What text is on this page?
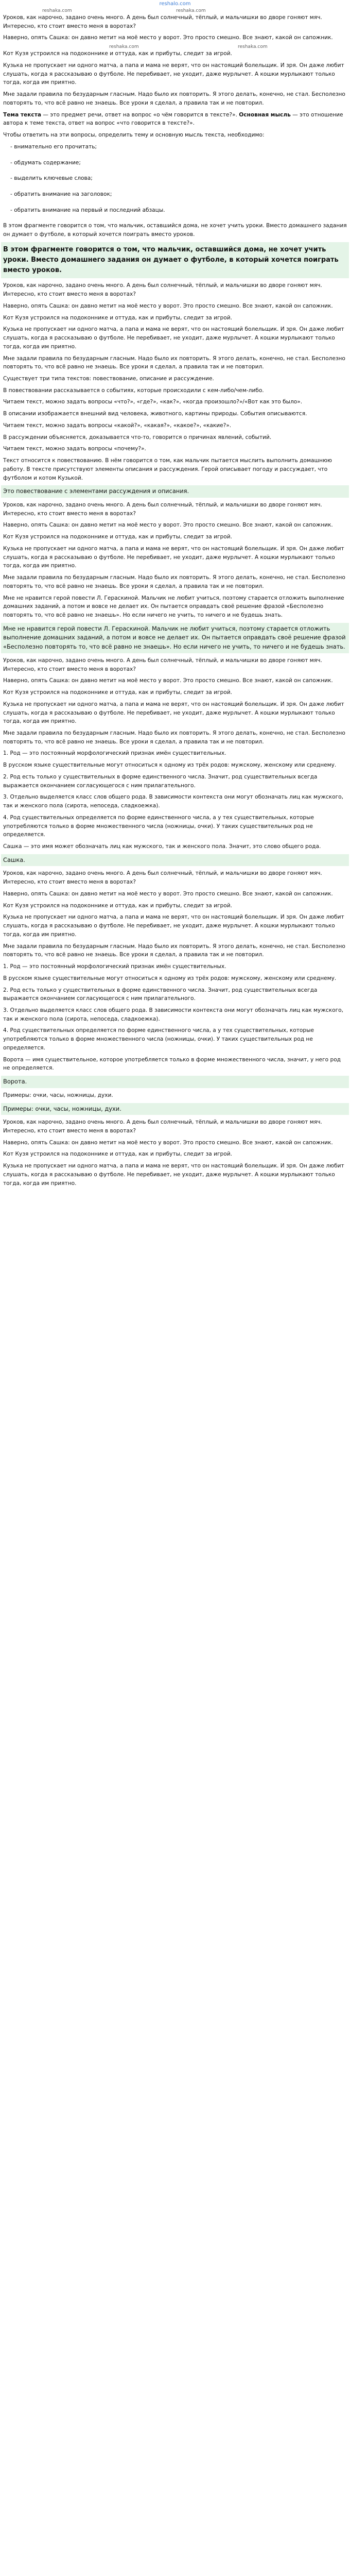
reshalo.com
reshaka.com	reshaka.com

Урокoв, как нарочно, задано очень много. А день был солнечный, тёплый, и мальчишки во дворе гоняют мяч. Интересно, кто стоит вместо меня в воротах?

Наверно, опять Сашка: он давно метит на моё место у ворот. Это просто смешно. Все знают, какой он сапожник.

reshaka.com	reshaka.com

Кот Кузя устроился на подоконнике и оттуда, как и прибуты, следит за игрой.

Кузька не пропускает ни одного матча, а папа и мама не верят, что он настоящий болельщик. И зря. Он даже любит слушать, когда я рассказываю о футболе. Не перебивает, не уходит, даже мурлычет. А кошки мурлыкают только тогда, когда им приятно.

Мне задали правила по безударным гласным. Надо было их повторить. Я этого делать, конечно, не стал. Бесполезно повторять то, что всё равно не знаешь. Все уроки я сделал, а правила так и не повторил.

Тема текста — это предмет речи, ответ на вопрос «о чём говорится в тексте?». Основная мысль — это отношение автора к теме текста, ответ на вопрос «что говорится в тексте?».

Чтобы ответить на эти вопросы, определить тему и основную мысль текста, необходимо:

- внимательно его прочитать;
- обдумать содержание;
- выделить ключевые слова;
- обратить внимание на заголовок;
- обратить внимание на первый и последний абзацы.

В этом фрагменте говорится о том, что мальчик, оставшийся дома, не хочет учить уроки. Вместо домашнего задания он думает о футболе, в который хочется поиграть вместо уроков.

В этом фрагменте говорится о том, что мальчик, оставшийся дома, не хочет учить уроки. Вместо домашнего задания он думает о футболе, в который хочется поиграть вместо уроков.

Урокoв, как нарочно, задано очень много. А день был солнечный, тёплый, и мальчишки во дворе гоняют мяч. Интересно, кто стоит вместо меня в воротах?

Наверно, опять Сашка: он давно метит на моё место у ворот. Это просто смешно. Все знают, какой он сапожник.

Кот Кузя устроился на подоконнике и оттуда, как и прибуты, следит за игрой.

Кузька не пропускает ни одного матча, а папа и мама не верят, что он настоящий болельщик. И зря. Он даже любит слушать, когда я рассказываю о футболе. Не перебивает, не уходит, даже мурлычет. А кошки мурлыкают только тогда, когда им приятно.

Мне задали правила по безударным гласным. Надо было их повторить. Я этого делать, конечно, не стал. Бесполезно повторять то, что всё равно не знаешь. Все уроки я сделал, а правила так и не повторил.

Существует три типа текстов: повествование, описание и рассуждение.

В повествовании рассказывается о событиях, которые происходили с кем-либо/чем-либо.

Читаем текст, можно задать вопросы «что?», «где?», «как?», «когда произошло?»/«Вот как это было».

В описании изображается внешний вид человека, животного, картины природы. События описываются.

Читаем текст, можно задать вопросы «какой?», «какая?», «какое?», «какие?».

В рассуждении объясняется, доказывается что-то, говорится о причинах явлений, событий.

Читаем текст, можно задать вопросы «почему?».

Текст относится к повествованию. В нём говорится о том, как мальчик пытается мыслить выполнить домашнюю работу. В тексте присутствуют элементы описания и рассуждения. Герой описывает погоду и рассуждает, что футболом и котом Кузькой.

Это повествование с элементами рассуждения и описания.

Урокoв, как нарочно, задано очень много. А день был солнечный, тёплый, и мальчишки во дворе гоняют мяч. Интересно, кто стоит вместо меня в воротах?

Наверно, опять Сашка: он давно метит на моё место у ворот. Это просто смешно. Все знают, какой он сапожник.

Кот Кузя устроился на подоконнике и оттуда, как и прибуты, следит за игрой.

Кузька не пропускает ни одного матча, а папа и мама не верят, что он настоящий болельщик. И зря. Он даже любит слушать, когда я рассказываю о футболе. Не перебивает, не уходит, даже мурлычет. А кошки мурлыкают только тогда, когда им приятно.

Мне задали правила по безударным гласным. Надо было их повторить. Я этого делать, конечно, не стал. Бесполезно повторять то, что всё равно не знаешь. Все уроки я сделал, а правила так и не повторил.

Мне не нравится герой повести Л. Гераскиной. Мальчик не любит учиться, поэтому старается отложить выполнение домашних заданий, а потом и вовсе не делает их. Он пытается оправдать своё решение фразой «Бесполезно повторять то, что всё равно не знаешь». Но если ничего не учить, то ничего и не будешь знать.

Мне не нравится герой повести Л. Гераскиной. Мальчик не любит учиться, поэтому старается отложить выполнение домашних заданий, а потом и вовсе не делает их. Он пытается оправдать своё решение фразой «Бесполезно повторять то, что всё равно не знаешь». Но если ничего не учить, то ничего и не будешь знать.

Урокoв, как нарочно, задано очень много. А день был солнечный, тёплый, и мальчишки во дворе гоняют мяч. Интересно, кто стоит вместо меня в воротах?

Наверно, опять Сашка: он давно метит на моё место у ворот. Это просто смешно. Все знают, какой он сапожник.

Кот Кузя устроился на подоконнике и оттуда, как и прибуты, следит за игрой.

Кузька не пропускает ни одного матча, а папа и мама не верят, что он настоящий болельщик. И зря. Он даже любит слушать, когда я рассказываю о футболе. Не перебивает, не уходит, даже мурлычет. А кошки мурлыкают только тогда, когда им приятно.

Мне задали правила по безударным гласным. Надо было их повторить. Я этого делать, конечно, не стал. Бесполезно повторять то, что всё равно не знаешь. Все уроки я сделал, а правила так и не повторил.

1. Род — это постоянный морфологический признак имён существительных.

В русском языке существительные могут относиться к одному из трёх родов: мужскому, женскому или среднему.

2. Род есть только у существительных в форме единственного числа. Значит, род существительных всегда выражается окончанием согласующегося с ним прилагательного.

3. Отдельно выделяется класс слов общего рода. В зависимости контекста они могут обозначать лиц как мужского, так и женского пола (сирота, непоседа, сладкоежка).

4. Род существительных определяется по форме единственного числа, а у тех существительных, которые употребляются только в форме множественного числа (ножницы, очки). У таких существительных род не определяется.

Сашка — это имя может обозначать лиц как мужского, так и женского пола. Значит, это слово общего рода.

Сашка.

Урокoв, как нарочно, задано очень много. А день был солнечный, тёплый, и мальчишки во дворе гоняют мяч. Интересно, кто стоит вместо меня в воротах?

Наверно, опять Сашка: он давно метит на моё место у ворот. Это просто смешно. Все знают, какой он сапожник.

Кот Кузя устроился на подоконнике и оттуда, как и прибуты, следит за игрой.

Кузька не пропускает ни одного матча, а папа и мама не верят, что он настоящий болельщик. И зря. Он даже любит слушать, когда я рассказываю о футболе. Не перебивает, не уходит, даже мурлычет. А кошки мурлыкают только тогда, когда им приятно.

Мне задали правила по безударным гласным. Надо было их повторить. Я этого делать, конечно, не стал. Бесполезно повторять то, что всё равно не знаешь. Все уроки я сделал, а правила так и не повторил.

1. Род — это постоянный морфологический признак имён существительных.

В русском языке существительные могут относиться к одному из трёх родов: мужскому, женскому или среднему.

2. Род есть только у существительных в форме единственного числа. Значит, род существительных всегда выражается окончанием согласующегося с ним прилагательного.

3. Отдельно выделяется класс слов общего рода. В зависимости контекста они могут обозначать лиц как мужского, так и женского пола (сирота, непоседа, сладкоежка).

4. Род существительных определяется по форме единственного числа, а у тех существительных, которые употребляются только в форме множественного числа (ножницы, очки). У таких существительных род не определяется.

Ворота — имя существительное, которое употребляется только в форме множественного числа, значит, у него род не определяется.

Ворота.

Примеры: очки, часы, ножницы, духи.

Примеры: очки, часы, ножницы, духи.

Урокoв, как нарочно, задано очень много. А день был солнечный, тёплый, и мальчишки во дворе гоняют мяч. Интересно, кто стоит вместо меня в воротах?

Наверно, опять Сашка: он давно метит на моё место у ворот. Это просто смешно. Все знают, какой он сапожник.

Кот Кузя устроился на подоконнике и оттуда, как и прибуты, следит за игрой.

Кузька не пропускает ни одного матча, а папа и мама не верят, что он настоящий болельщик. И зря. Он даже любит слушать, когда я рассказываю о футболе. Не перебивает, не уходит, даже мурлычет. А кошки мурлыкают только тогда, когда им приятно.
